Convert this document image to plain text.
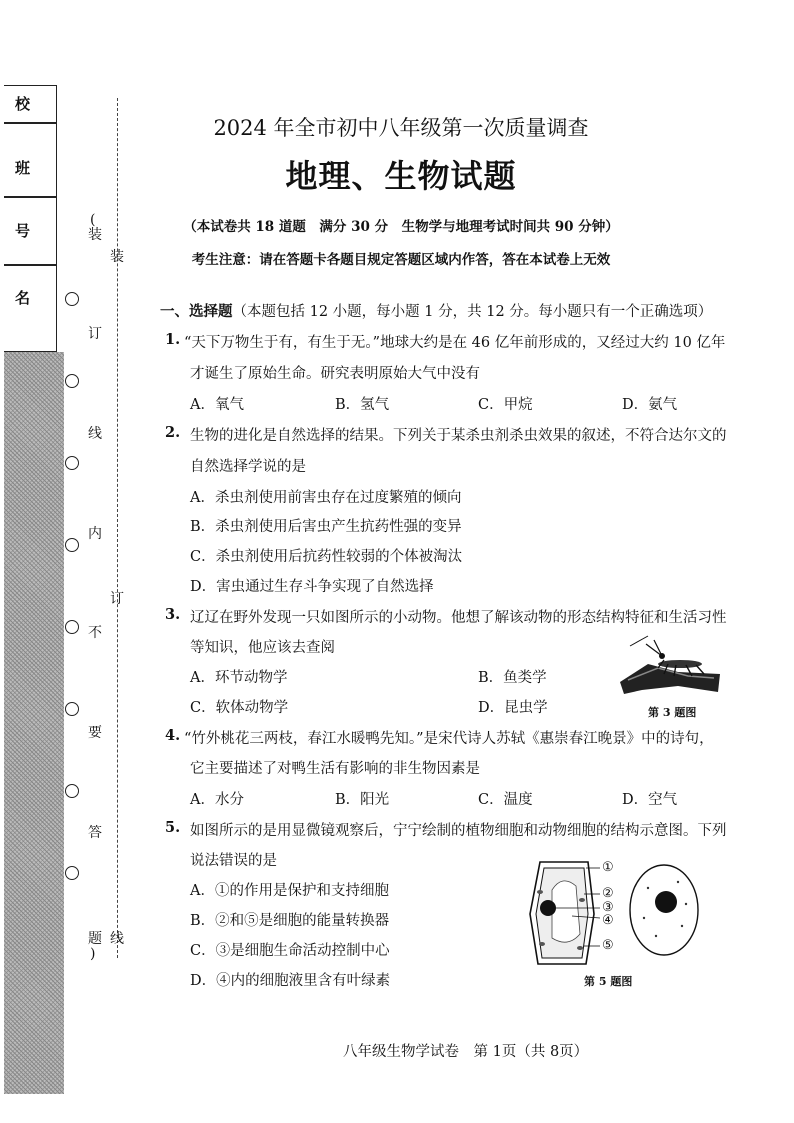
校
班
号
名
(
装
订
线
内
不
要
答
题
)
装
订
线
2024 年全市初中八年级第一次质量调查
地理、生物试题
（本试卷共 18 道题　满分 30 分　生物学与地理考试时间共 90 分钟）
考生注意：请在答题卡各题目规定答题区域内作答，答在本试卷上无效
一、选择题（本题包括 12 小题，每小题 1 分，共 12 分。每小题只有一个正确选项）
1. “天下万物生于有，有生于无。”地球大约是在 46 亿年前形成的，又经过大约 10 亿年
才诞生了原始生命。研究表明原始大气中没有
A．氧气	B．氢气	C．甲烷	D．氨气
2. 生物的进化是自然选择的结果。下列关于某杀虫剂杀虫效果的叙述，不符合达尔文的
自然选择学说的是
A．杀虫剂使用前害虫存在过度繁殖的倾向
B．杀虫剂使用后害虫产生抗药性强的变异
C．杀虫剂使用后抗药性较弱的个体被淘汰
D．害虫通过生存斗争实现了自然选择
3. 辽辽在野外发现一只如图所示的小动物。他想了解该动物的形态结构特征和生活习性
等知识，他应该去查阅
A．环节动物学	B．鱼类学
C．软体动物学	D．昆虫学	第 3 题图
4. “竹外桃花三两枝，春江水暖鸭先知。”是宋代诗人苏轼《惠崇春江晚景》中的诗句，
它主要描述了对鸭生活有影响的非生物因素是
A．水分	B．阳光	C．温度	D．空气
5. 如图所示的是用显微镜观察后，宁宁绘制的植物细胞和动物细胞的结构示意图。下列
说法错误的是
A．①的作用是保护和支持细胞
B．②和⑤是细胞的能量转换器
C．③是细胞生命活动控制中心
D．④内的细胞液里含有叶绿素
①
②
③
④
⑤
第 5 题图
八年级生物学试卷　第 1页（共 8页）
